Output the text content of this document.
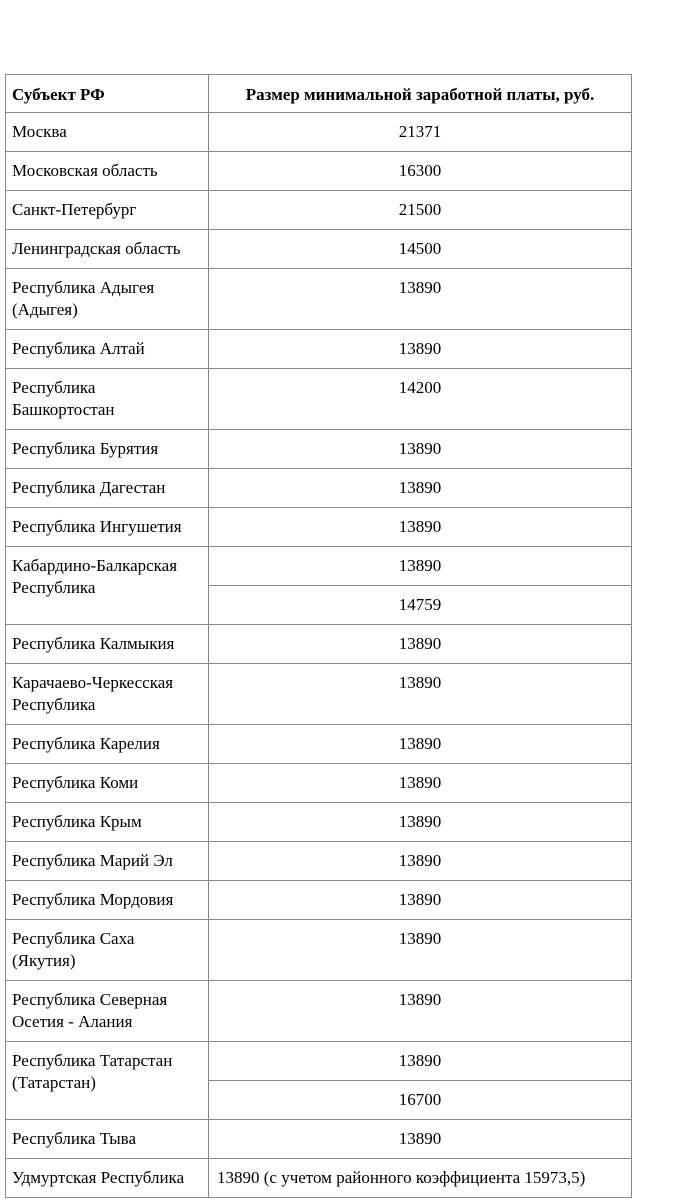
Субъект РФ	Размер минимальной заработной платы, руб.
Москва	21371
Московская область	16300
Санкт-Петербург	21500
Ленинградская область	14500
Республика Адыгея (Адыгея)	13890
Республика Алтай	13890
Республика Башкортостан	14200
Республика Бурятия	13890
Республика Дагестан	13890
Республика Ингушетия	13890
Кабардино-Балкарская Республика	13890
	14759
Республика Калмыкия	13890
Карачаево-Черкесская Республика	13890
Республика Карелия	13890
Республика Коми	13890
Республика Крым	13890
Республика Марий Эл	13890
Республика Мордовия	13890
Республика Саха (Якутия)	13890
Республика Северная Осетия - Алания	13890
Республика Татарстан (Татарстан)	13890
	16700
Республика Тыва	13890
Удмуртская Республика	13890 (с учетом районного коэффициента 15973,5)
